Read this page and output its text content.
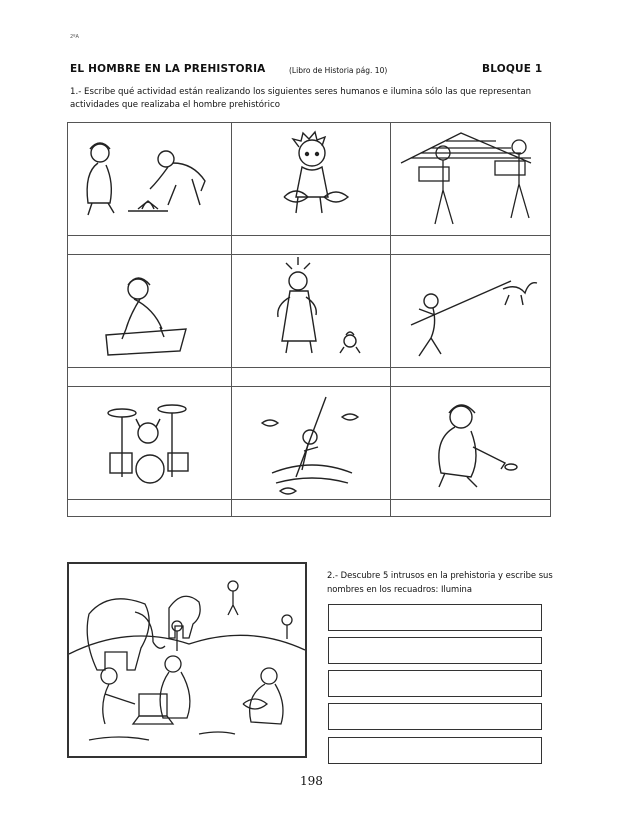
2ºA
EL HOMBRE EN LA PREHISTORIA	(Libro de Historia pág. 10)	BLOQUE 1
1.- Escribe qué actividad están realizando los siguientes seres humanos e ilumina sólo las que representan actividades que realizaba el hombre prehistórico

2.- Descubre 5 intrusos en la prehistoria y escribe sus nombres en los recuadros: Ilumina
198
